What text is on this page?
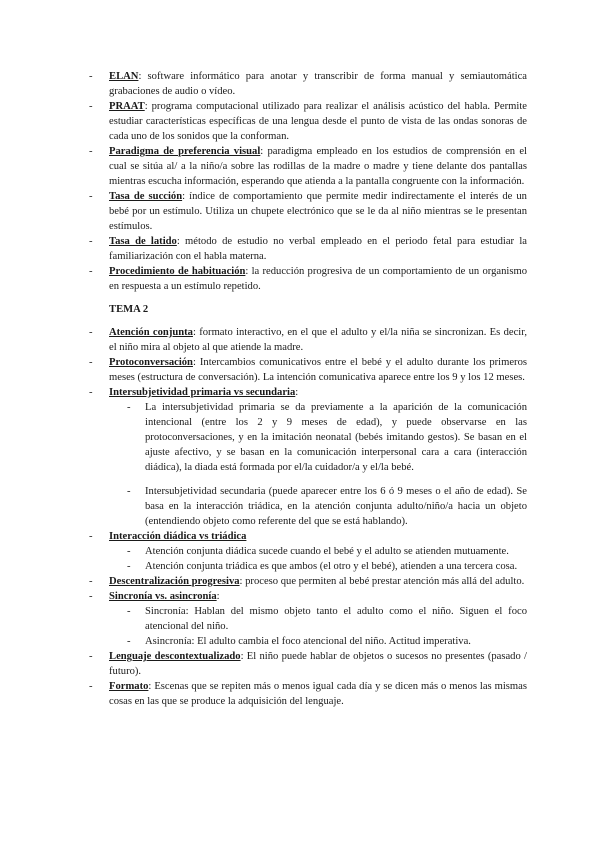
- ELAN: software informático para anotar y transcribir de forma manual y semiautomática grabaciones de audio o vídeo.
- PRAAT: programa computacional utilizado para realizar el análisis acústico del habla. Permite estudiar características específicas de una lengua desde el punto de vista de las ondas sonoras de cada uno de los sonidos que la conforman.
- Paradigma de preferencia visual: paradigma empleado en los estudios de comprensión en el cual se sitúa al/ a la niño/a sobre las rodillas de la madre o madre y tiene delante dos pantallas mientras escucha información, esperando que atienda a la pantalla congruente con la información.
- Tasa de succión: índice de comportamiento que permite medir indirectamente el interés de un bebé por un estímulo. Utiliza un chupete electrónico que se le da al niño mientras se le presentan estímulos.
- Tasa de latido: método de estudio no verbal empleado en el periodo fetal para estudiar la familiarización con el habla materna.
- Procedimiento de habituación: la reducción progresiva de un comportamiento de un organismo en respuesta a un estímulo repetido.
TEMA 2
- Atención conjunta: formato interactivo, en el que el adulto y el/la niña se sincronizan. Es decir, el niño mira al objeto al que atiende la madre.
- Protoconversación: Intercambios comunicativos entre el bebé y el adulto durante los primeros meses (estructura de conversación). La intención comunicativa aparece entre los 9 y los 12 meses.
- Intersubjetividad primaria vs secundaria:
- La intersubjetividad primaria se da previamente a la aparición de la comunicación intencional (entre los 2 y 9 meses de edad), y puede observarse en las protoconversaciones, y en la imitación neonatal (bebés imitando gestos). Se basan en el ajuste afectivo, y se basan en la comunicación interpersonal cara a cara (interacción diádica), la diada está formada por el/la cuidador/a y el/la bebé.
- Intersubjetividad secundaria (puede aparecer entre los 6 ó 9 meses o el año de edad). Se basa en la interacción triádica, en la atención conjunta adulto/niño/a hacia un objeto (entendiendo objeto como referente del que se está hablando).
- Interacción diádica vs triádica
- Atención conjunta diádica sucede cuando el bebé y el adulto se atienden mutuamente.
- Atención conjunta triádica es que ambos (el otro y el bebé), atienden a una tercera cosa.
- Descentralización progresiva: proceso que permiten al bebé prestar atención más allá del adulto.
- Sincronía vs. asincronía:
- Sincronía: Hablan del mismo objeto tanto el adulto como el niño. Siguen el foco atencional del niño.
- Asincronía: El adulto cambia el foco atencional del niño. Actitud imperativa.
- Lenguaje descontextualizado: El niño puede hablar de objetos o sucesos no presentes (pasado / futuro).
- Formato: Escenas que se repiten más o menos igual cada día y se dicen más o menos las mismas cosas en las que se produce la adquisición del lenguaje.
